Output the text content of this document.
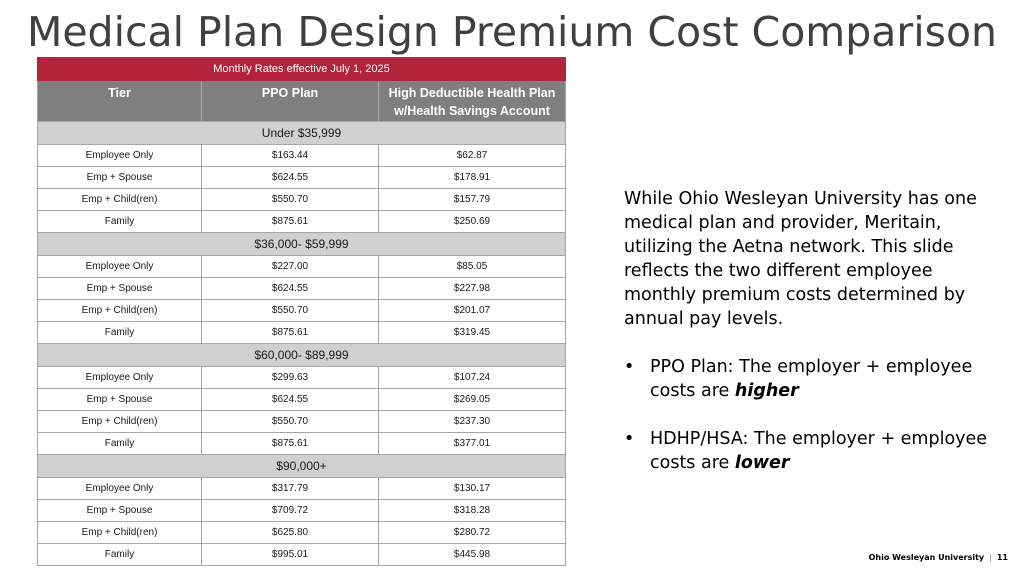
Medical Plan Design Premium Cost Comparison
Monthly Rates effective July 1, 2025		
Tier	PPO Plan	High Deductible Health Plan w/Health Savings Account
Under $35,999		
Employee Only	$163.44	$62.87
Emp + Spouse	$624.55	$178.91
Emp + Child(ren)	$550.70	$157.79
Family	$875.61	$250.69
$36,000- $59,999		
Employee Only	$227.00	$85.05
Emp + Spouse	$624.55	$227.98
Emp + Child(ren)	$550.70	$201.07
Family	$875.61	$319.45
$60,000- $89,999		
Employee Only	$299.63	$107.24
Emp + Spouse	$624.55	$269.05
Emp + Child(ren)	$550.70	$237.30
Family	$875.61	$377.01
$90,000+		
Employee Only	$317.79	$130.17
Emp + Spouse	$709.72	$318.28
Emp + Child(ren)	$625.80	$280.72
Family	$995.01	$445.98

While Ohio Wesleyan University has one medical plan and provider, Meritain, utilizing the Aetna network. This slide reflects the two different employee monthly premium costs determined by annual pay levels.

• PPO Plan: The employer + employee costs are higher
• HDHP/HSA: The employer + employee costs are lower
Ohio Wesleyan University | 11
